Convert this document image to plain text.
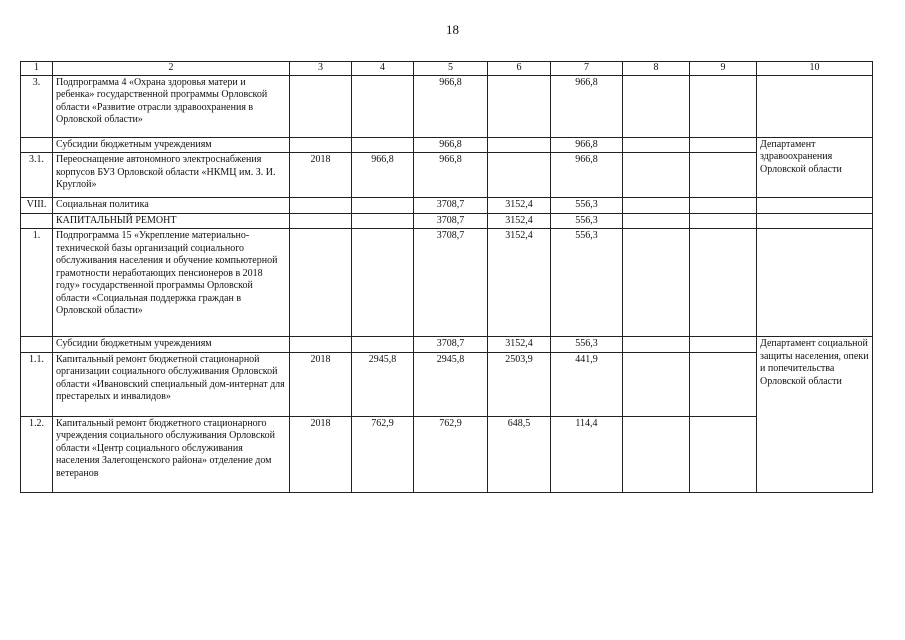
18
1	2	3	4	5	6	7	8	9	10
3.	Подпрограмма 4 «Охрана здоровья матери и ребенка» государственной программы Орловской области «Развитие отрасли здравоохранения в Орловской области»			966,8		966,8			
	Субсидии бюджетным учреждениям			966,8		966,8			Департамент здравоохранения Орловской области
3.1.	Переоснащение автономного электроснабжения корпусов БУЗ Орловской области «НКМЦ им. З. И. Круглой»	2018	966,8	966,8		966,8			
VIII.	Социальная политика			3708,7	3152,4	556,3			
	КАПИТАЛЬНЫЙ РЕМОНТ			3708,7	3152,4	556,3			
1.	Подпрограмма 15 «Укрепление материально-технической базы организаций социального обслуживания населения и обучение компьютерной грамотности неработающих пенсионеров в 2018 году» государственной программы Орловской области «Социальная поддержка граждан в Орловской области»			3708,7	3152,4	556,3			
	Субсидии бюджетным учреждениям			3708,7	3152,4	556,3			Департамент социальной защиты населения, опеки и попечительства Орловской области
1.1.	Капитальный ремонт бюджетной стационарной организации социального обслуживания Орловской области «Ивановский специальный дом-интернат для престарелых и инвалидов»	2018	2945,8	2945,8	2503,9	441,9			
1.2.	Капитальный ремонт бюджетного стационарного учреждения социального обслуживания Орловской области «Центр социального обслуживания населения Залегощенского района» отделение дом ветеранов	2018	762,9	762,9	648,5	114,4			
